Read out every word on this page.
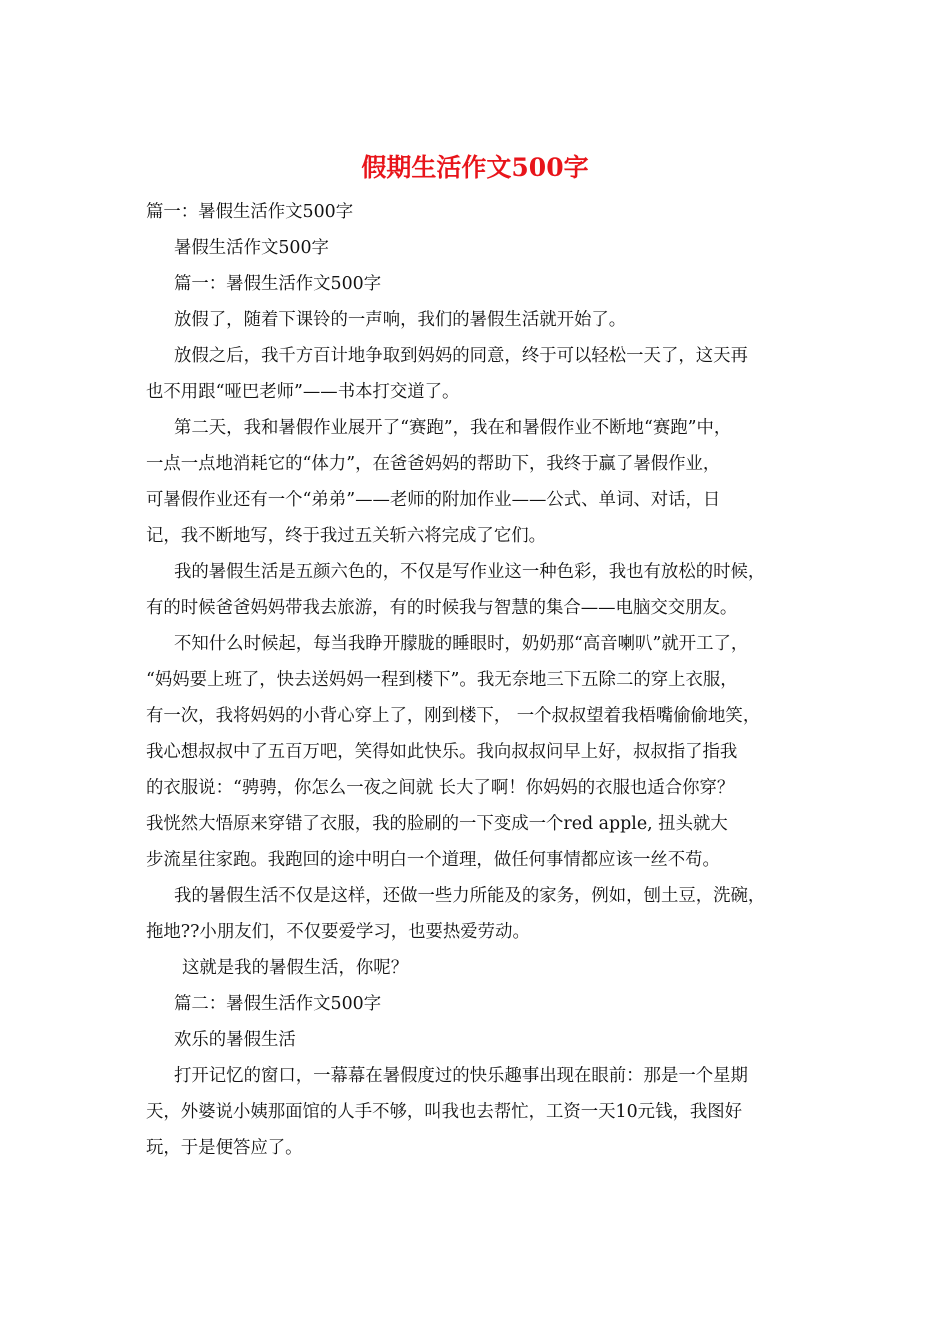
假期生活作文500字

篇一：暑假生活作文500字

暑假生活作文500字

篇一：暑假生活作文500字

放假了，随着下课铃的一声响，我们的暑假生活就开始了。

放假之后，我千方百计地争取到妈妈的同意，终于可以轻松一天了，这天再

也不用跟“哑巴老师”——书本打交道了。

第二天，我和暑假作业展开了“赛跑”，我在和暑假作业不断地“赛跑”中，

一点一点地消耗它的“体力”，在爸爸妈妈的帮助下，我终于赢了暑假作业，

可暑假作业还有一个“弟弟”——老师的附加作业——公式、单词、对话，日

记，我不断地写，终于我过五关斩六将完成了它们。

我的暑假生活是五颜六色的，不仅是写作业这一种色彩，我也有放松的时候，

有的时候爸爸妈妈带我去旅游，有的时候我与智慧的集合——电脑交交朋友。

不知什么时候起，每当我睁开朦胧的睡眼时，奶奶那“高音喇叭”就开工了，

“妈妈要上班了，快去送妈妈一程到楼下”。我无奈地三下五除二的穿上衣服，

有一次，我将妈妈的小背心穿上了，刚到楼下， 一个叔叔望着我梧嘴偷偷地笑，

我心想叔叔中了五百万吧，笑得如此快乐。我向叔叔问早上好，叔叔指了指我

的衣服说：“骋骋，你怎么一夜之间就 长大了啊！你妈妈的衣服也适合你穿？

我恍然大悟原来穿错了衣服，我的脸刷的一下变成一个red apple, 扭头就大

步流星往家跑。我跑回的途中明白一个道理，做任何事情都应该一丝不苟。

我的暑假生活不仅是这样，还做一些力所能及的家务，例如，刨土豆，洗碗，

拖地??小朋友们，不仅要爱学习，也要热爱劳动。

这就是我的暑假生活，你呢？

篇二：暑假生活作文500字

欢乐的暑假生活

打开记忆的窗口，一幕幕在暑假度过的快乐趣事出现在眼前：那是一个星期

天，外婆说小姨那面馆的人手不够，叫我也去帮忙，工资一天10元钱，我图好

玩，于是便答应了。
